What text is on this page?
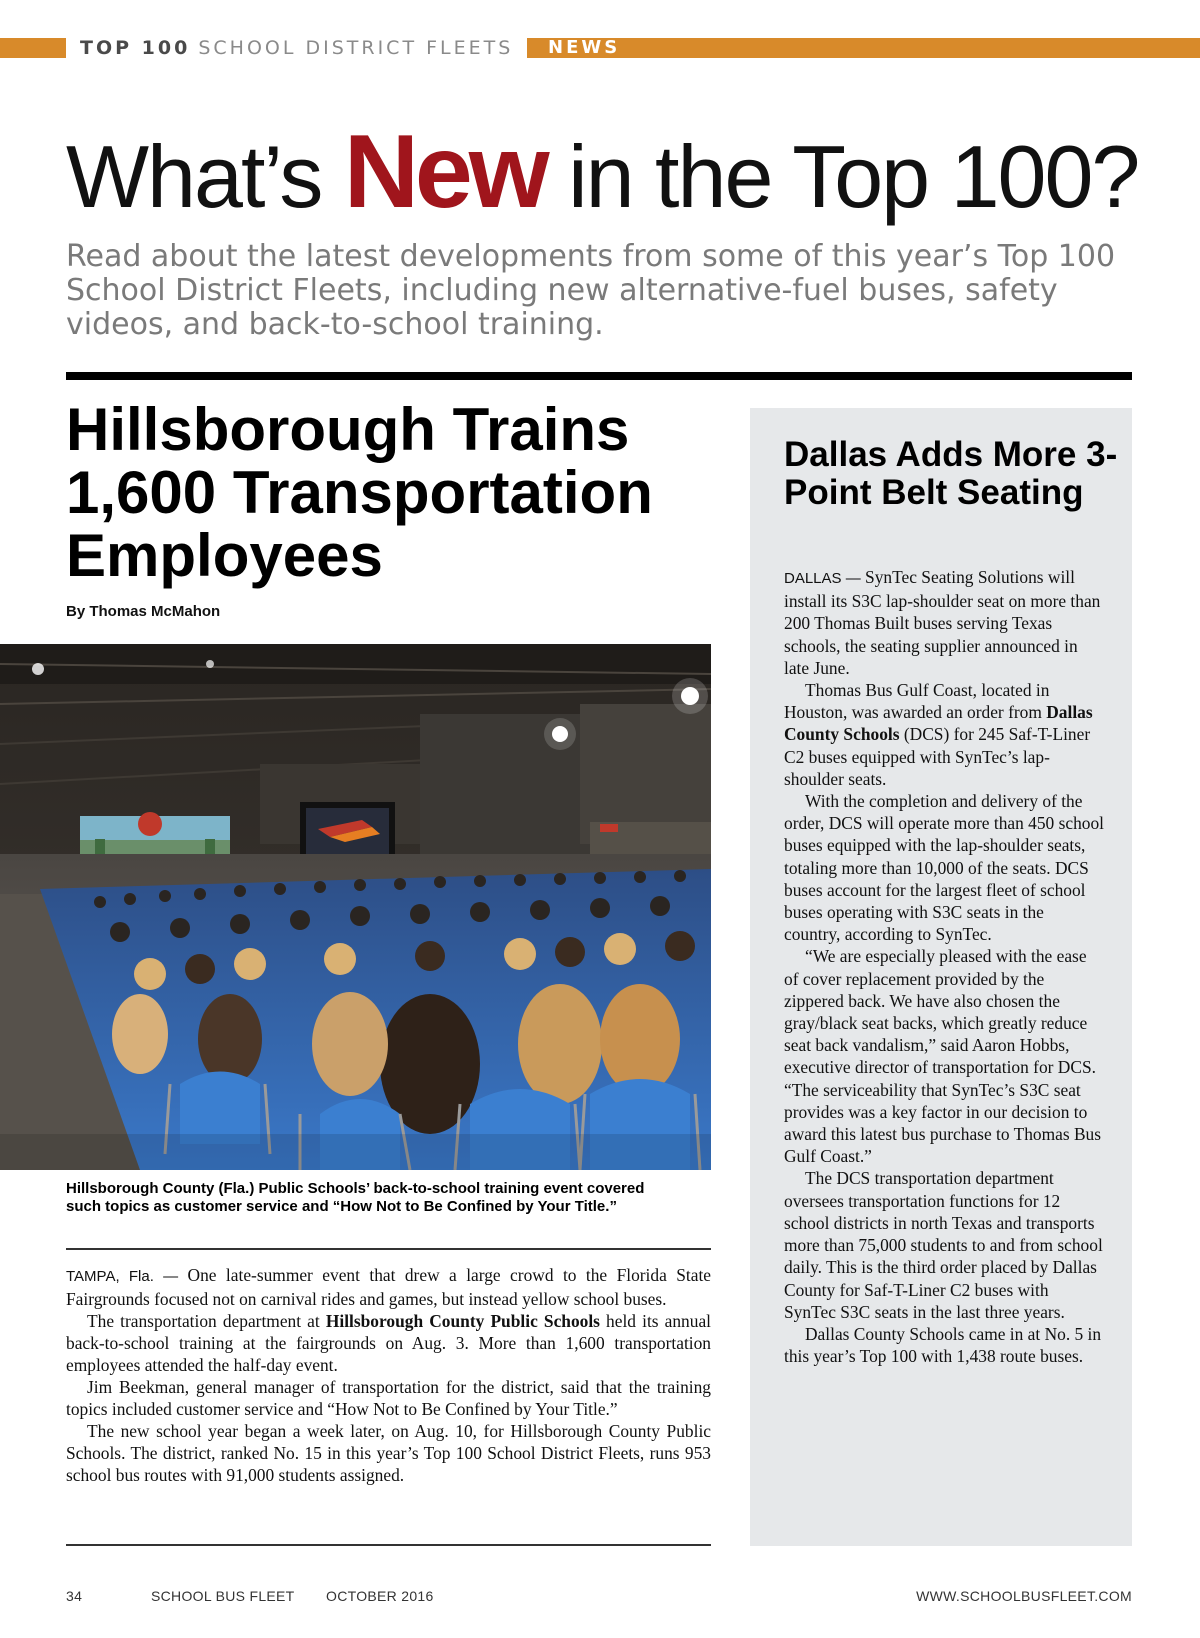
TOP 100 SCHOOL DISTRICT FLEETS NEWS
What’s New in the Top 100?
Read about the latest developments from some of this year’s Top 100 School District Fleets, including new alternative-fuel buses, safety videos, and back-to-school training.
Hillsborough Trains 1,600 Transportation Employees
By Thomas McMahon
Hillsborough County (Fla.) Public Schools’ back-to-school training event covered such topics as customer service and “How Not to Be Confined by Your Title.”

TAMPA, Fla. — One late-summer event that drew a large crowd to the Florida State Fairgrounds focused not on carnival rides and games, but instead yellow school buses.

The transportation department at Hillsborough County Public Schools held its annual back-to-school training at the fairgrounds on Aug. 3. More than 1,600 transportation employees attended the half-day event.

Jim Beekman, general manager of transportation for the district, said that the training topics included customer service and “How Not to Be Confined by Your Title.”

The new school year began a week later, on Aug. 10, for Hillsborough County Public Schools. The district, ranked No. 15 in this year’s Top 100 School District Fleets, runs 953 school bus routes with 91,000 students assigned.

Dallas Adds More 3-Point Belt Seating

DALLAS — SynTec Seating Solutions will install its S3C lap-shoulder seat on more than 200 Thomas Built buses serving Texas schools, the seating supplier announced in late June.

Thomas Bus Gulf Coast, located in Houston, was awarded an order from Dallas County Schools (DCS) for 245 Saf-T-Liner C2 buses equipped with SynTec’s lap-shoulder seats.

With the completion and delivery of the order, DCS will operate more than 450 school buses equipped with the lap-shoulder seats, totaling more than 10,000 of the seats. DCS buses account for the largest fleet of school buses operating with S3C seats in the country, according to SynTec.

“We are especially pleased with the ease of cover replacement provided by the zippered back. We have also chosen the gray/black seat backs, which greatly reduce seat back vandalism,” said Aaron Hobbs, executive director of transportation for DCS. “The serviceability that SynTec’s S3C seat provides was a key factor in our decision to award this latest bus purchase to Thomas Bus Gulf Coast.”

The DCS transportation department oversees transportation functions for 12 school districts in north Texas and transports more than 75,000 students to and from school daily. This is the third order placed by Dallas County for Saf-T-Liner C2 buses with SynTec S3C seats in the last three years.

Dallas County Schools came in at No. 5 in this year’s Top 100 with 1,438 route buses.

34	SCHOOL BUS FLEET OCTOBER 2016	WWW.SCHOOLBUSFLEET.COM
